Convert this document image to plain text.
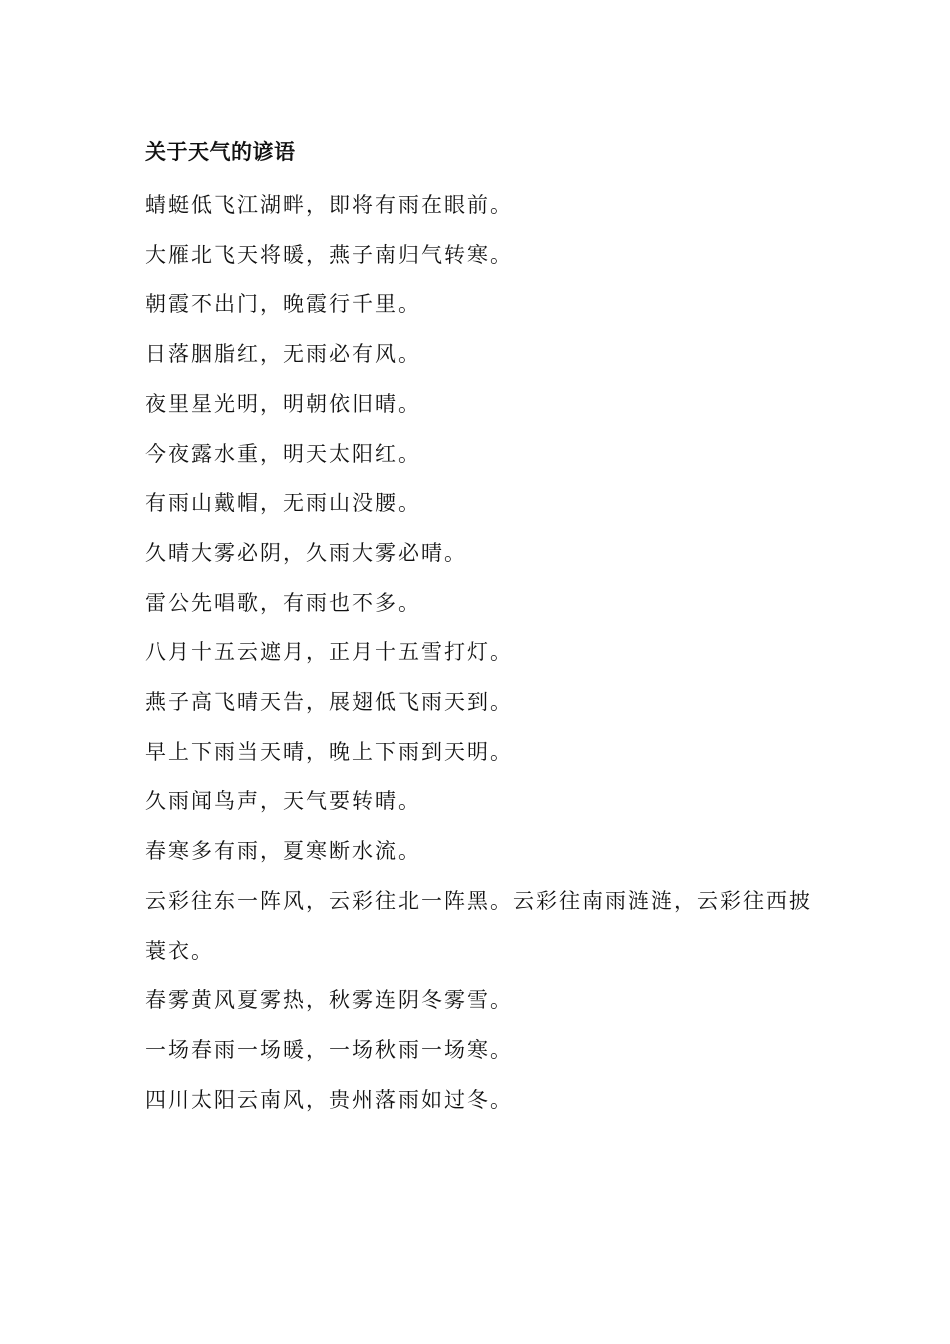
关于天气的谚语
蜻蜓低飞江湖畔，即将有雨在眼前。
大雁北飞天将暖，燕子南归气转寒。
朝霞不出门，晚霞行千里。
日落胭脂红，无雨必有风。
夜里星光明，明朝依旧晴。
今夜露水重，明天太阳红。
有雨山戴帽，无雨山没腰。
久晴大雾必阴，久雨大雾必晴。
雷公先唱歌，有雨也不多。
八月十五云遮月，正月十五雪打灯。
燕子高飞晴天告，展翅低飞雨天到。
早上下雨当天晴，晚上下雨到天明。
久雨闻鸟声，天气要转晴。
春寒多有雨，夏寒断水流。
云彩往东一阵风，云彩往北一阵黑。云彩往南雨涟涟，云彩往西披蓑衣。
春雾黄风夏雾热，秋雾连阴冬雾雪。
一场春雨一场暖，一场秋雨一场寒。
四川太阳云南风，贵州落雨如过冬。
